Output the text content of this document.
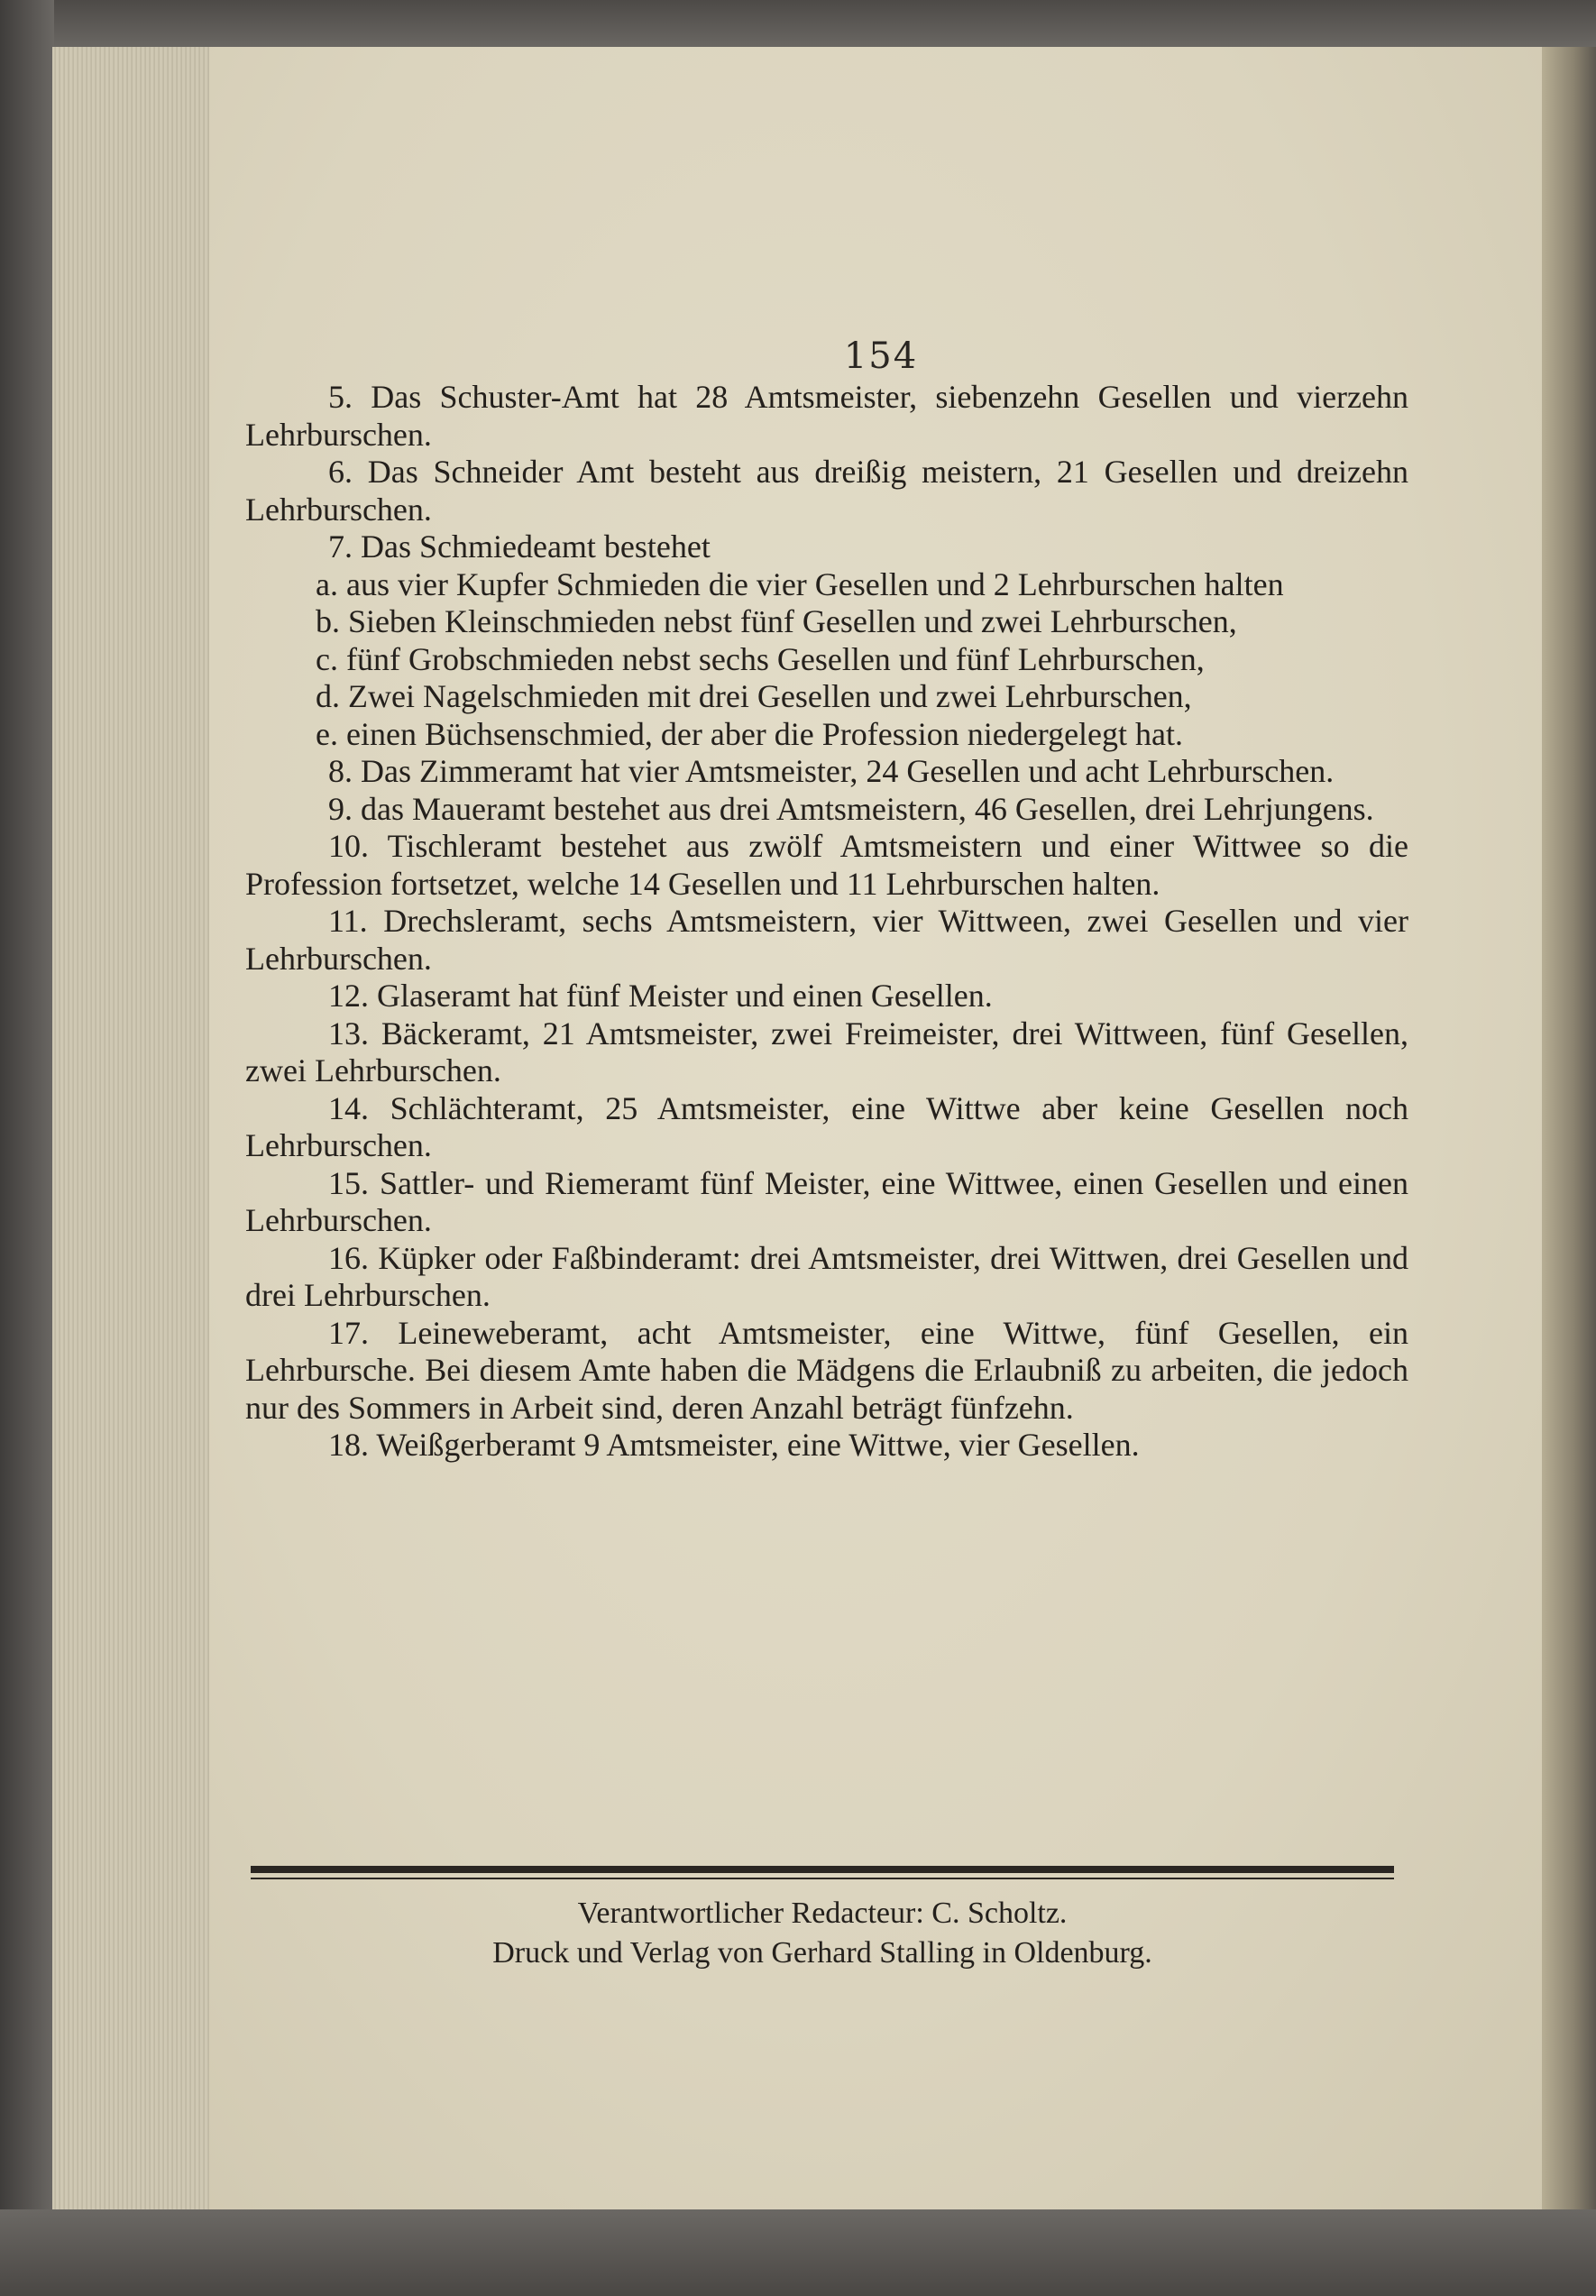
154

5. Das Schuster-Amt hat 28 Amtsmeister, siebenzehn Gesellen und vierzehn Lehrburschen.

6. Das Schneider Amt besteht aus dreißig meistern, 21 Gesellen und dreizehn Lehrburschen.

7. Das Schmiedeamt bestehet

a. aus vier Kupfer Schmieden die vier Gesellen und 2 Lehrburschen halten

b. Sieben Kleinschmieden nebst fünf Gesellen und zwei Lehrburschen,

c. fünf Grobschmieden nebst sechs Gesellen und fünf Lehrburschen,

d. Zwei Nagelschmieden mit drei Gesellen und zwei Lehrburschen,

e. einen Büchsenschmied, der aber die Profession niedergelegt hat.

8. Das Zimmeramt hat vier Amtsmeister, 24 Gesellen und acht Lehrburschen.

9. das Maueramt bestehet aus drei Amtsmeistern, 46 Gesellen, drei Lehrjungens.

10. Tischleramt bestehet aus zwölf Amtsmeistern und einer Wittwee so die Profession fortsetzet, welche 14 Gesellen und 11 Lehrburschen halten.

11. Drechsleramt, sechs Amtsmeistern, vier Wittween, zwei Gesellen und vier Lehrburschen.

12. Glaseramt hat fünf Meister und einen Gesellen.

13. Bäckeramt, 21 Amtsmeister, zwei Freimeister, drei Wittween, fünf Gesellen, zwei Lehrburschen.

14. Schlächteramt, 25 Amtsmeister, eine Wittwe aber keine Gesellen noch Lehrburschen.

15. Sattler- und Riemeramt fünf Meister, eine Wittwee, einen Gesellen und einen Lehrburschen.

16. Küpker oder Faßbinderamt: drei Amtsmeister, drei Wittwen, drei Gesellen und drei Lehrburschen.

17. Leineweberamt, acht Amtsmeister, eine Wittwe, fünf Gesellen, ein Lehrbursche. Bei diesem Amte haben die Mädgens die Erlaubniß zu arbeiten, die jedoch nur des Sommers in Arbeit sind, deren Anzahl beträgt fünfzehn.

18. Weißgerberamt 9 Amtsmeister, eine Wittwe, vier Gesellen.

Verantwortlicher Redacteur: C. Scholtz.

Druck und Verlag von Gerhard Stalling in Oldenburg.
